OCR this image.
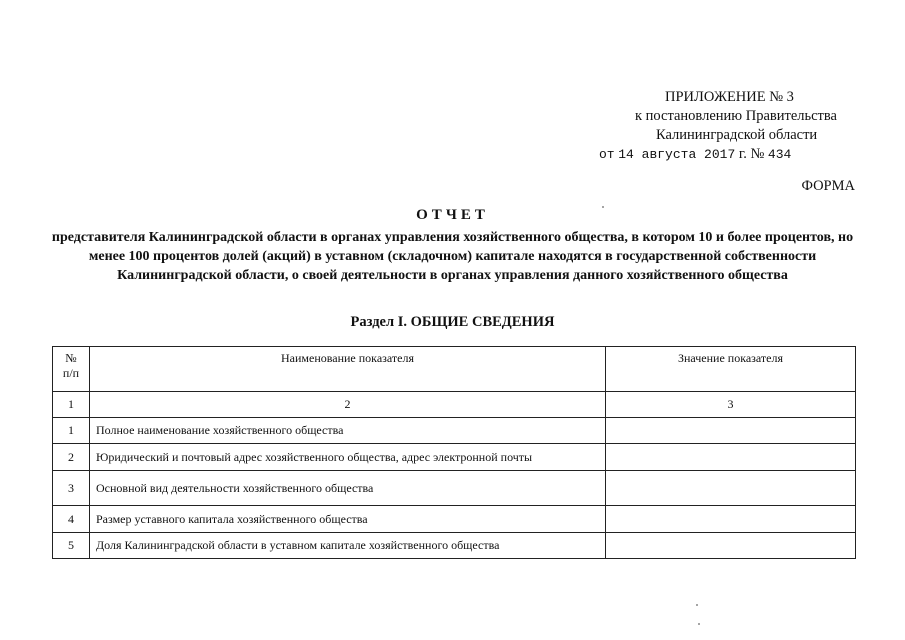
ПРИЛОЖЕНИЕ № 3
к постановлению Правительства
Калининградской области
от 14 августа 2017 г. № 434
ФОРМА
ОТЧЕТ
представителя Калининградской области в органах управления хозяйственного общества, в котором 10 и более процентов, но менее 100 процентов долей (акций) в уставном (складочном) капитале находятся в государственной собственности Калининградской области, о своей деятельности в органах управления данного хозяйственного общества
Раздел I. ОБЩИЕ СВЕДЕНИЯ
№ п/п	Наименование показателя	Значение показателя
1	2	3
1	Полное наименование хозяйственного общества	
2	Юридический и почтовый адрес хозяйственного общества, адрес электронной почты	
3	Основной вид деятельности хозяйственного общества	
4	Размер уставного капитала хозяйственного общества	
5	Доля Калининградской области в уставном капитале хозяйственного общества	
